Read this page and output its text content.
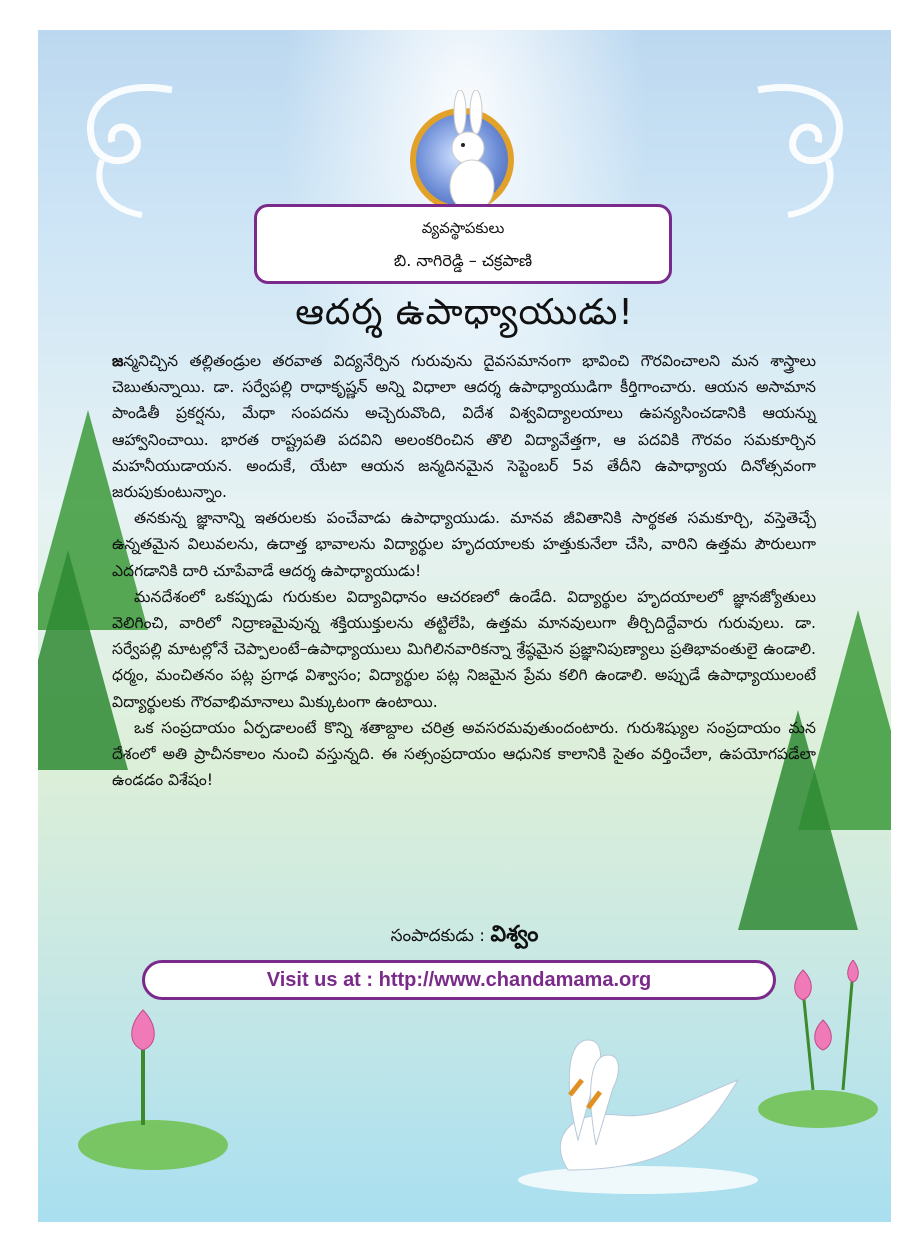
వ్యవస్థాపకులు
బి. నాగిరెడ్డి – చక్రపాణి
ఆదర్శ ఉపాధ్యాయుడు!

జన్మనిచ్చిన తల్లితండ్రుల తరవాత విద్యనేర్పిన గురువును దైవసమానంగా భావించి గౌరవించాలని మన శాస్త్రాలు చెబుతున్నాయి. డా. సర్వేపల్లి రాధాకృష్ణన్ అన్ని విధాలా ఆదర్శ ఉపాధ్యాయుడిగా కీర్తిగాంచారు. ఆయన అసామాన పాండితీ ప్రకర్షను, మేధా సంపదను అచ్చెరువొంది, విదేశ విశ్వవిద్యాలయాలు ఉపన్యసించడానికి ఆయన్ను ఆహ్వానించాయి. భారత రాష్ట్రపతి పదవిని అలంకరించిన తొలి విద్యావేత్తగా, ఆ పదవికి గౌరవం సమకూర్చిన మహనీయుడాయన. అందుకే, యేటా ఆయన జన్మదినమైన సెప్టెంబర్ 5వ తేదీని ఉపాధ్యాయ దినోత్సవంగా జరుపుకుంటున్నాం.

తనకున్న జ్ఞానాన్ని ఇతరులకు పంచేవాడు ఉపాధ్యాయుడు. మానవ జీవితానికి సార్థకత సమకూర్చి, వస్తెతెచ్చే ఉన్నతమైన విలువలను, ఉదాత్త భావాలను విద్యార్థుల హృదయాలకు హత్తుకునేలా చేసి, వారిని ఉత్తమ పౌరులుగా ఎదగడానికి దారి చూపేవాడే ఆదర్శ ఉపాధ్యాయుడు!

మనదేశంలో ఒకప్పుడు గురుకుల విద్యావిధానం ఆచరణలో ఉండేది. విద్యార్థుల హృదయాలలో జ్ఞానజ్యోతులు వెలిగించి, వారిలో నిద్రాణమైవున్న శక్తియుక్తులను తట్టిలేపి, ఉత్తమ మానవులుగా తీర్చిదిద్దేవారు గురువులు. డా. సర్వేపల్లి మాటల్లోనే చెప్పాలంటే–ఉపాధ్యాయులు మిగిలినవారికన్నా శ్రేష్ఠమైన ప్రజ్ఞానిపుణ్యాలు ప్రతిభావంతులై ఉండాలి. ధర్మం, మంచితనం పట్ల ప్రగాఢ విశ్వాసం; విద్యార్థుల పట్ల నిజమైన ప్రేమ కలిగి ఉండాలి. అప్పుడే ఉపాధ్యాయులంటే విద్యార్థులకు గౌరవాభిమానాలు మిక్కుటంగా ఉంటాయి.

ఒక సంప్రదాయం ఏర్పడాలంటే కొన్ని శతాబ్దాల చరిత్ర అవసరమవుతుందంటారు. గురుశిష్యుల సంప్రదాయం మన దేశంలో అతి ప్రాచీనకాలం నుంచి వస్తున్నది. ఈ సత్సంప్రదాయం ఆధునిక కాలానికి సైతం వర్తించేలా, ఉపయోగపడేలా ఉండడం విశేషం!

సంపాదకుడు : విశ్వం
Visit us at : http://www.chandamama.org
